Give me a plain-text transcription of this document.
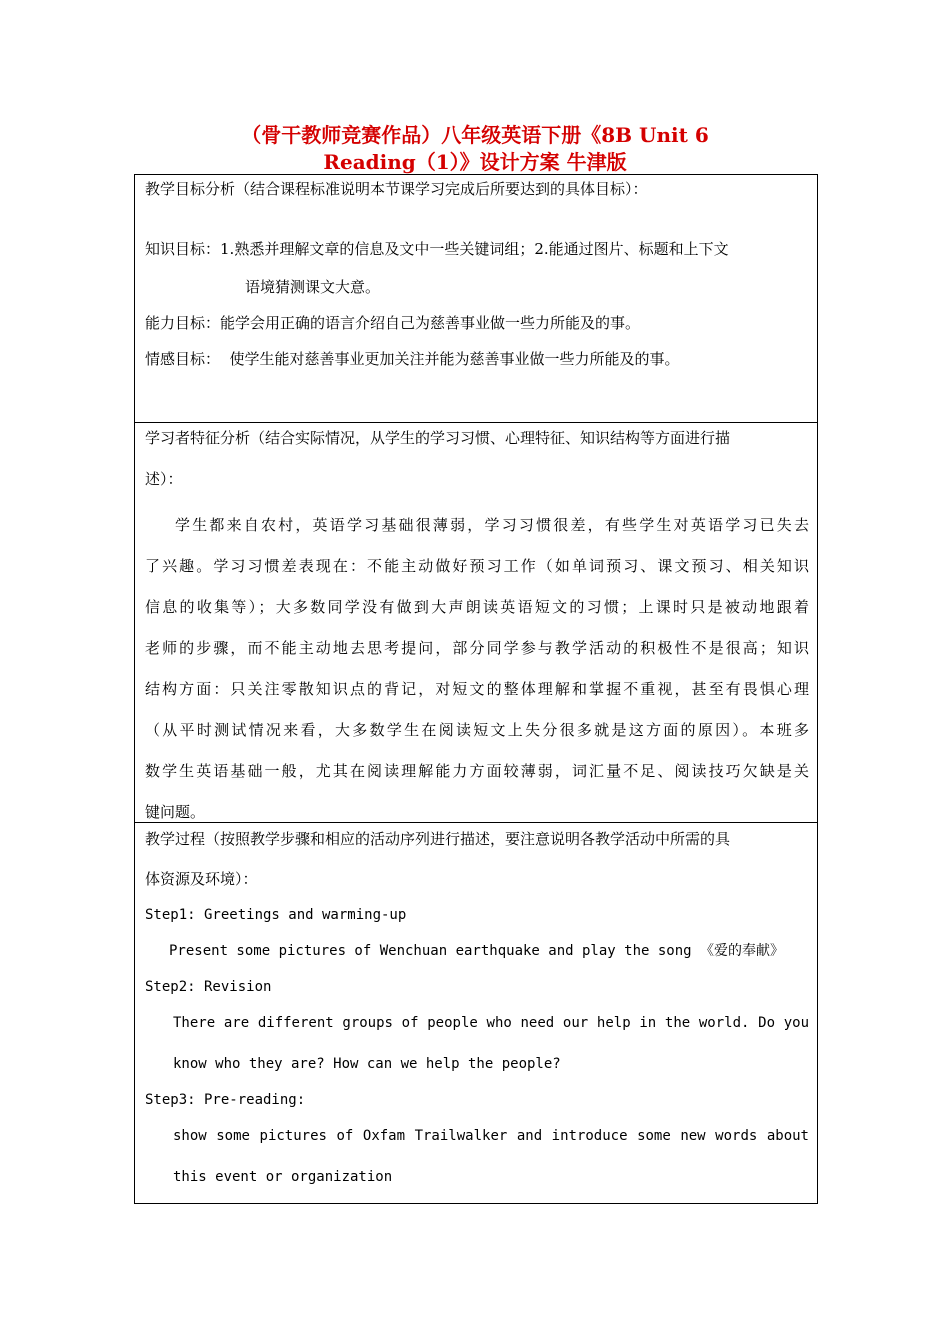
（骨干教师竞赛作品）八年级英语下册《8B Unit 6
Reading（1）》设计方案 牛津版

教学目标分析（结合课程标准说明本节课学习完成后所要达到的具体目标）：

知识目标：1.熟悉并理解文章的信息及文中一些关键词组；2.能通过图片、标题和上下文

语境猜测课文大意。

能力目标：能学会用正确的语言介绍自己为慈善事业做一些力所能及的事。

情感目标：  使学生能对慈善事业更加关注并能为慈善事业做一些力所能及的事。

学习者特征分析（结合实际情况，从学生的学习习惯、心理特征、知识结构等方面进行描

述）：

学生都来自农村，英语学习基础很薄弱，学习习惯很差，有些学生对英语学习已失去

了兴趣。学习习惯差表现在：不能主动做好预习工作（如单词预习、课文预习、相关知识

信息的收集等）；大多数同学没有做到大声朗读英语短文的习惯；上课时只是被动地跟着

老师的步骤，而不能主动地去思考提问，部分同学参与教学活动的积极性不是很高；知识

结构方面：只关注零散知识点的背记，对短文的整体理解和掌握不重视，甚至有畏惧心理

（从平时测试情况来看，大多数学生在阅读短文上失分很多就是这方面的原因）。本班多

数学生英语基础一般，尤其在阅读理解能力方面较薄弱，词汇量不足、阅读技巧欠缺是关

键问题。

教学过程（按照教学步骤和相应的活动序列进行描述，要注意说明各教学活动中所需的具

体资源及环境）：

Step1: Greetings and warming-up

Present some pictures of Wenchuan earthquake and play the song 《爱的奉献》

Step2: Revision

There are different groups of people who need our help in the world. Do you

know who they are? How can we help the people?

Step3: Pre-reading:

show some pictures of Oxfam Trailwalker and introduce some new words about

this event or organization
